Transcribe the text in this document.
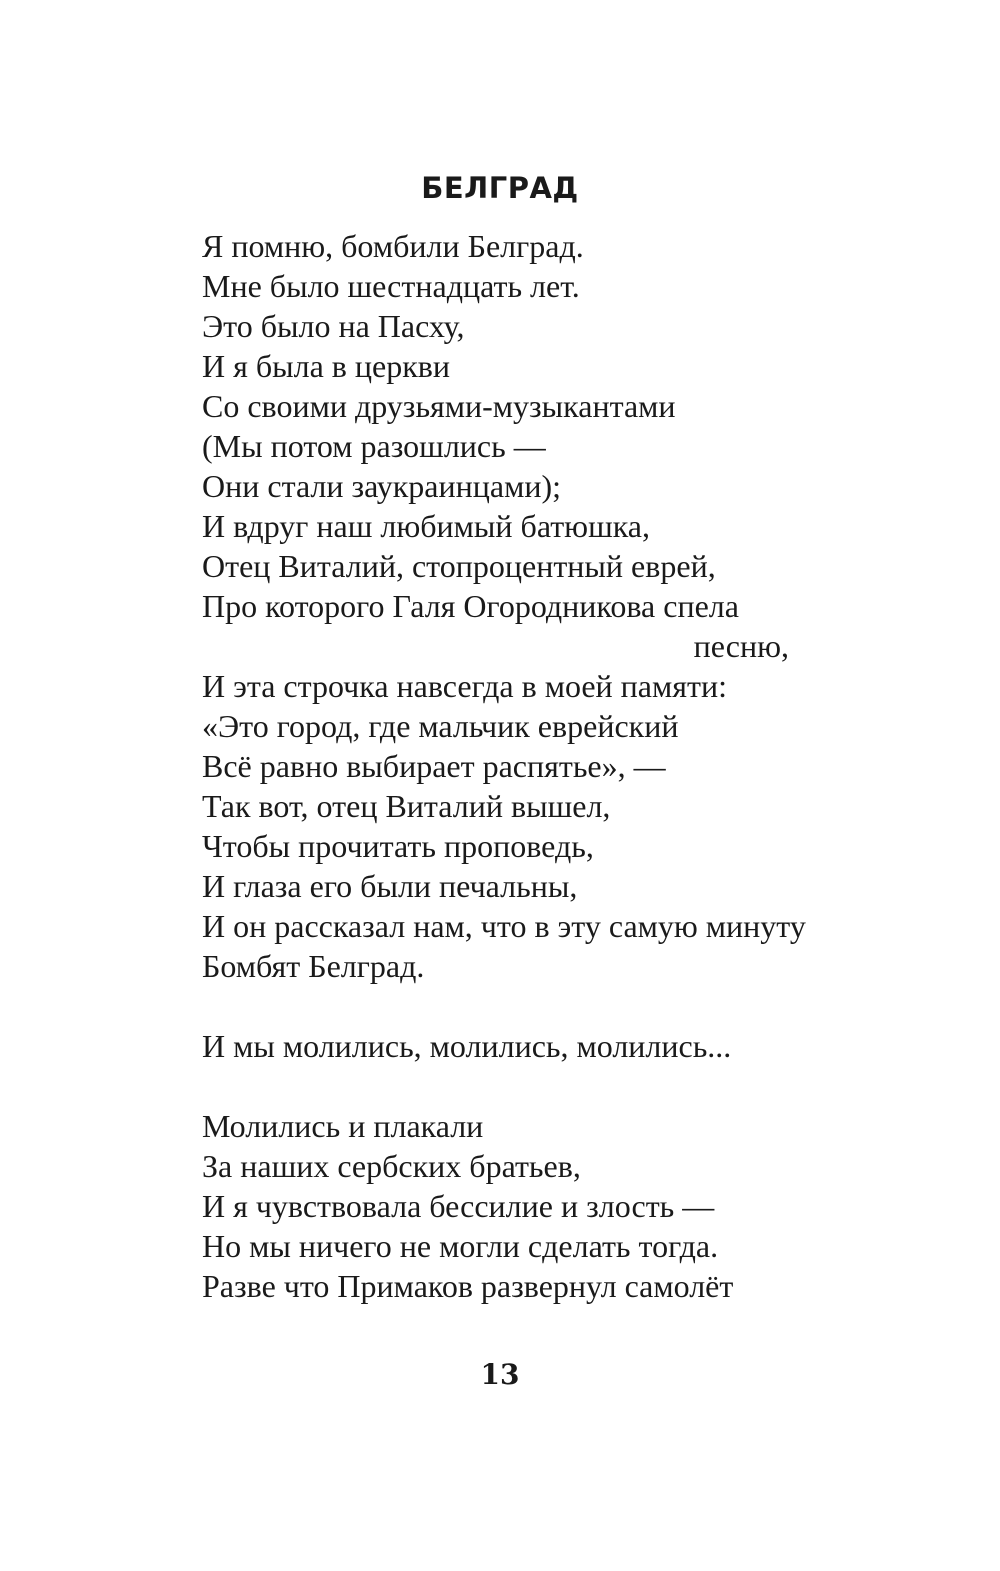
БЕЛГРАД
Я помню, бомбили Белград.
Мне было шестнадцать лет.
Это было на Пасху,
И я была в церкви
Со своими друзьями-музыкантами
(Мы потом разошлись —
Они стали заукраинцами);
И вдруг наш любимый батюшка,
Отец Виталий, стопроцентный еврей,
Про которого Галя Огородникова спела
песню,
И эта строчка навсегда в моей памяти:
«Это город, где мальчик еврейский
Всё равно выбирает распятье», —
Так вот, отец Виталий вышел,
Чтобы прочитать проповедь,
И глаза его были печальны,
И он рассказал нам, что в эту самую минуту
Бомбят Белград.
И мы молились, молились, молились...
Молились и плакали
За наших сербских братьев,
И я чувствовала бессилие и злость —
Но мы ничего не могли сделать тогда.
Разве что Примаков развернул самолёт
13
